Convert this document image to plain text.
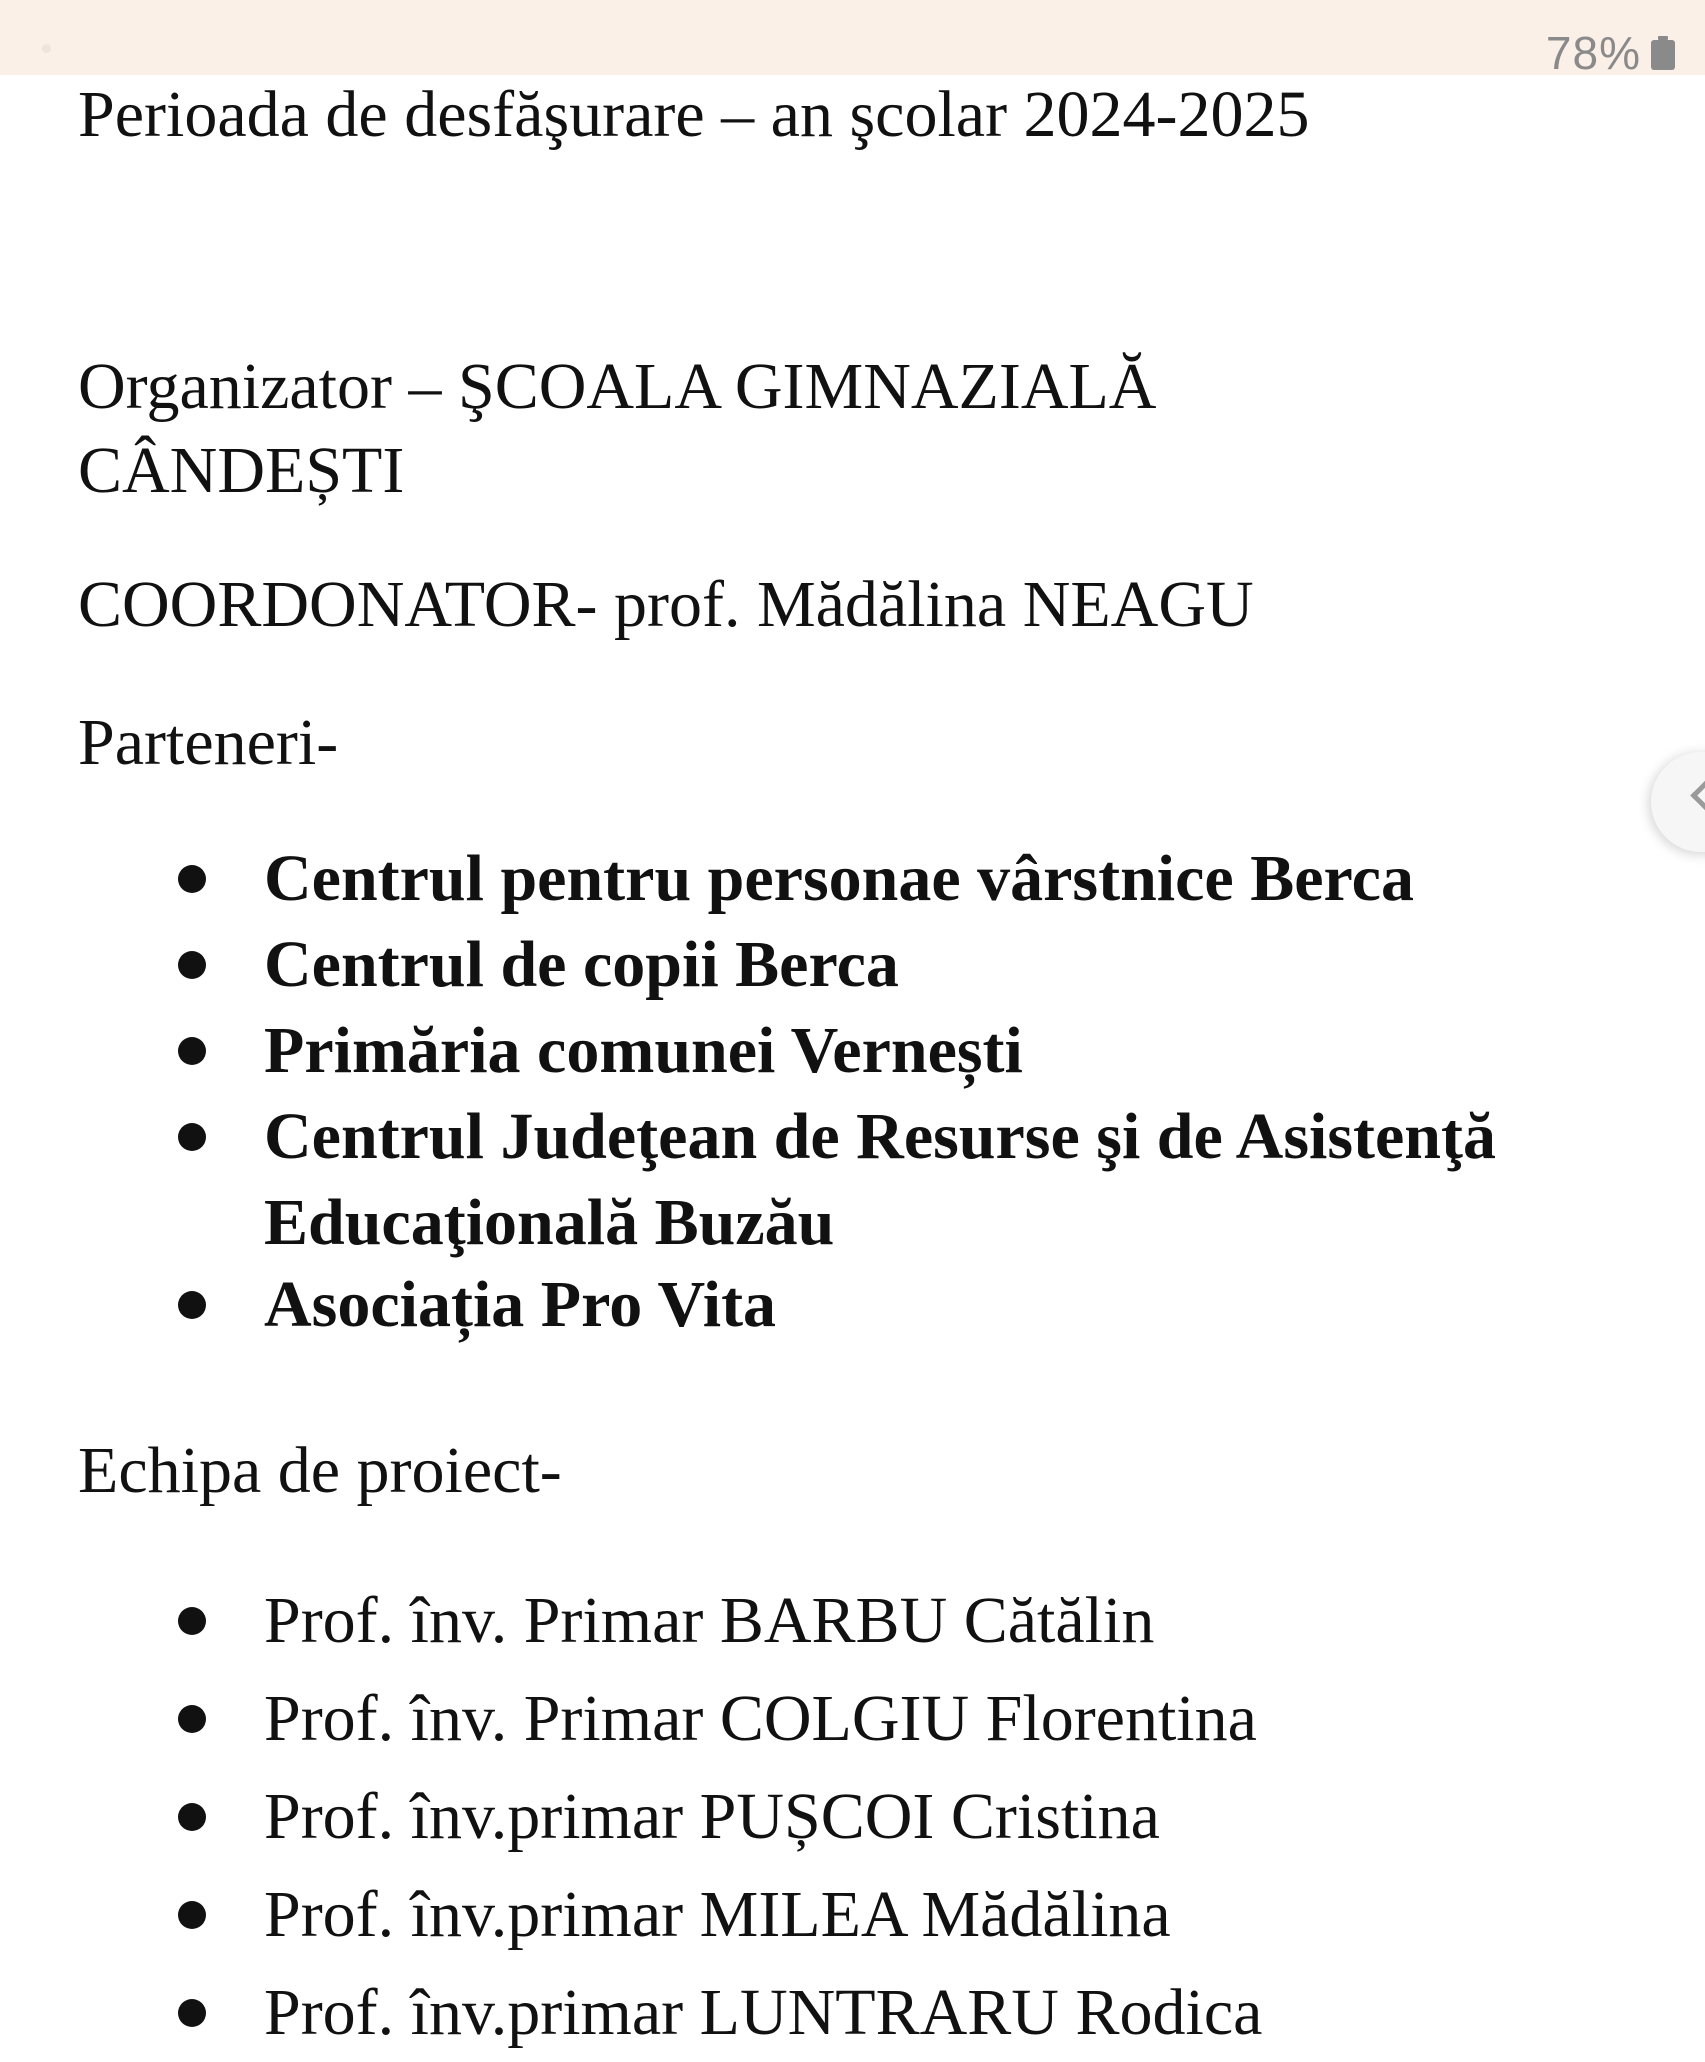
78%

Perioada de desfăşurare – an şcolar 2024-2025

Organizator – ŞCOALA GIMNAZIALĂ

CÂNDEȘTI

COORDONATOR- prof. Mădălina NEAGU

Parteneri-

Centrul pentru personae vârstnice Berca
Centrul de copii Berca
Primăria comunei Vernești
Centrul Judeţean de Resurse şi de Asistenţă

Educaţională Buzău

Asociația Pro Vita

Echipa de proiect-

Prof. înv. Primar BARBU Cătălin
Prof. înv. Primar COLGIU Florentina
Prof. înv.primar PUȘCOI Cristina
Prof. înv.primar MILEA Mădălina
Prof. înv.primar LUNTRARU Rodica
